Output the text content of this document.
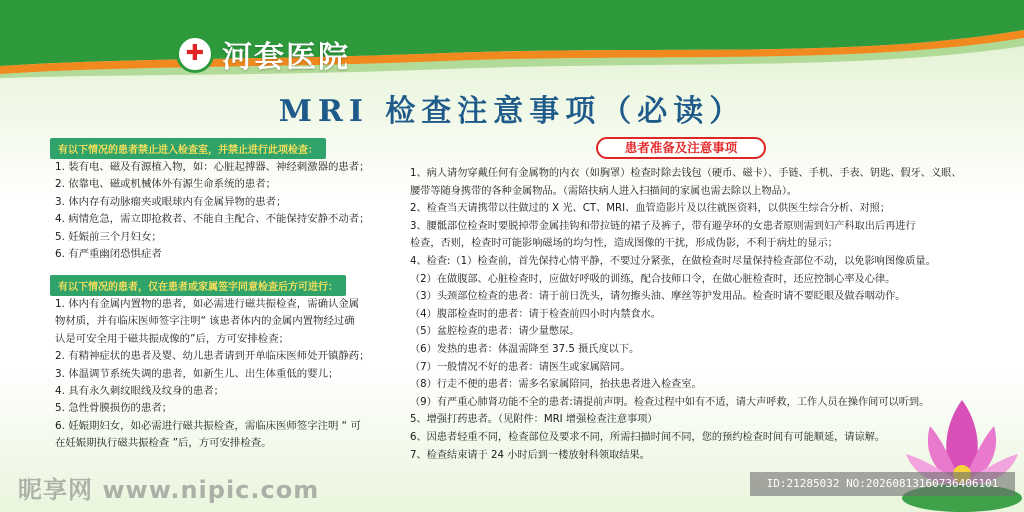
✚ 河套医院
MRI 检查注意事项（必读）
有以下情况的患者禁止进入检查室，并禁止进行此项检查：
1. 装有电、磁及有源植入物，如：心脏起搏器、神经刺激器的患者；
2. 依靠电、磁或机械体外有源生命系统的患者；
3. 体内存有动脉瘤夹或眼球内有金属异物的患者；
4. 病情危急，需立即抢救者、不能自主配合、不能保持安静不动者；
5. 妊娠前三个月妇女；
6. 有严重幽闭恐惧症者
有以下情况的患者，仅在患者或家属签字同意检查后方可进行：
1. 体内有金属内置物的患者，如必需进行磁共振检查，需确认金属
物材质，并有临床医师签字注明“ 该患者体内的金属内置物经过确
认是可安全用于磁共振成像的”后，方可安排检查；
2. 有精神症状的患者及婴、幼儿患者请到开单临床医师处开镇静药；
3. 体温调节系统失调的患者，如新生儿、出生体重低的婴儿；
4. 具有永久刺纹眼线及纹身的患者；
5. 急性骨膜损伤的患者；
6. 妊娠期妇女，如必需进行磁共振检查，需临床医师签字注明 “ 可
在妊娠期执行磁共振检查 ”后，方可安排检查。
患者准备及注意事项
1、病人请勿穿戴任何有金属物的内衣（如胸罩）检查时除去钱包（硬币、磁卡）、手链、手机、手表、钥匙、假牙、义眼、
腰带等随身携带的各种金属物品。（需陪扶病人进入扫描间的家属也需去除以上物品）。
2、检查当天请携带以往做过的 X 光、CT、MRI、血管造影片及以往就医资料，以供医生综合分析、对照；
3、腰骶部位检查时要脱掉带金属挂钩和带拉链的裙子及裤子，带有避孕环的女患者原则需到妇产科取出后再进行
检查，否则，检查时可能影响磁场的均匀性，造成图像的干扰，形成伪影，不利于病灶的显示；
4、检查:（1）检查前，首先保持心情平静，不要过分紧张，在做检查时尽量保持检查部位不动，以免影响图像质量。
（2）在做腹部、心脏检查时，应做好呼吸的训练，配合技师口令，在做心脏检查时，还应控制心率及心律。
（3）头颈部位检查的患者：请于前日洗头，请勿擦头油、摩丝等护发用品。检查时请不要眨眼及做吞咽动作。
（4）腹部检查时的患者：请于检查前四小时内禁食水。
（5）盆腔检查的患者：请少量憋尿。
（6）发热的患者：体温需降至 37.5 摄氏度以下。
（7）一般情况不好的患者：请医生或家属陪同。
（8）行走不便的患者：需多名家属陪同，抬扶患者进入检查室。
（9）有严重心肺肾功能不全的患者:请提前声明。检查过程中如有不适，请大声呼救，工作人员在操作间可以听到。
5、增强打药患者。（见附件：MRI 增强检查注意事项）
6、因患者轻重不同，检查部位及要求不同，所需扫描时间不同，您的预约检查时间有可能顺延，请谅解。
7、检查结束请于 24 小时后到一楼放射科领取结果。
昵享网 www.nipic.com	ID:21285032 NO:20260813160736406101
